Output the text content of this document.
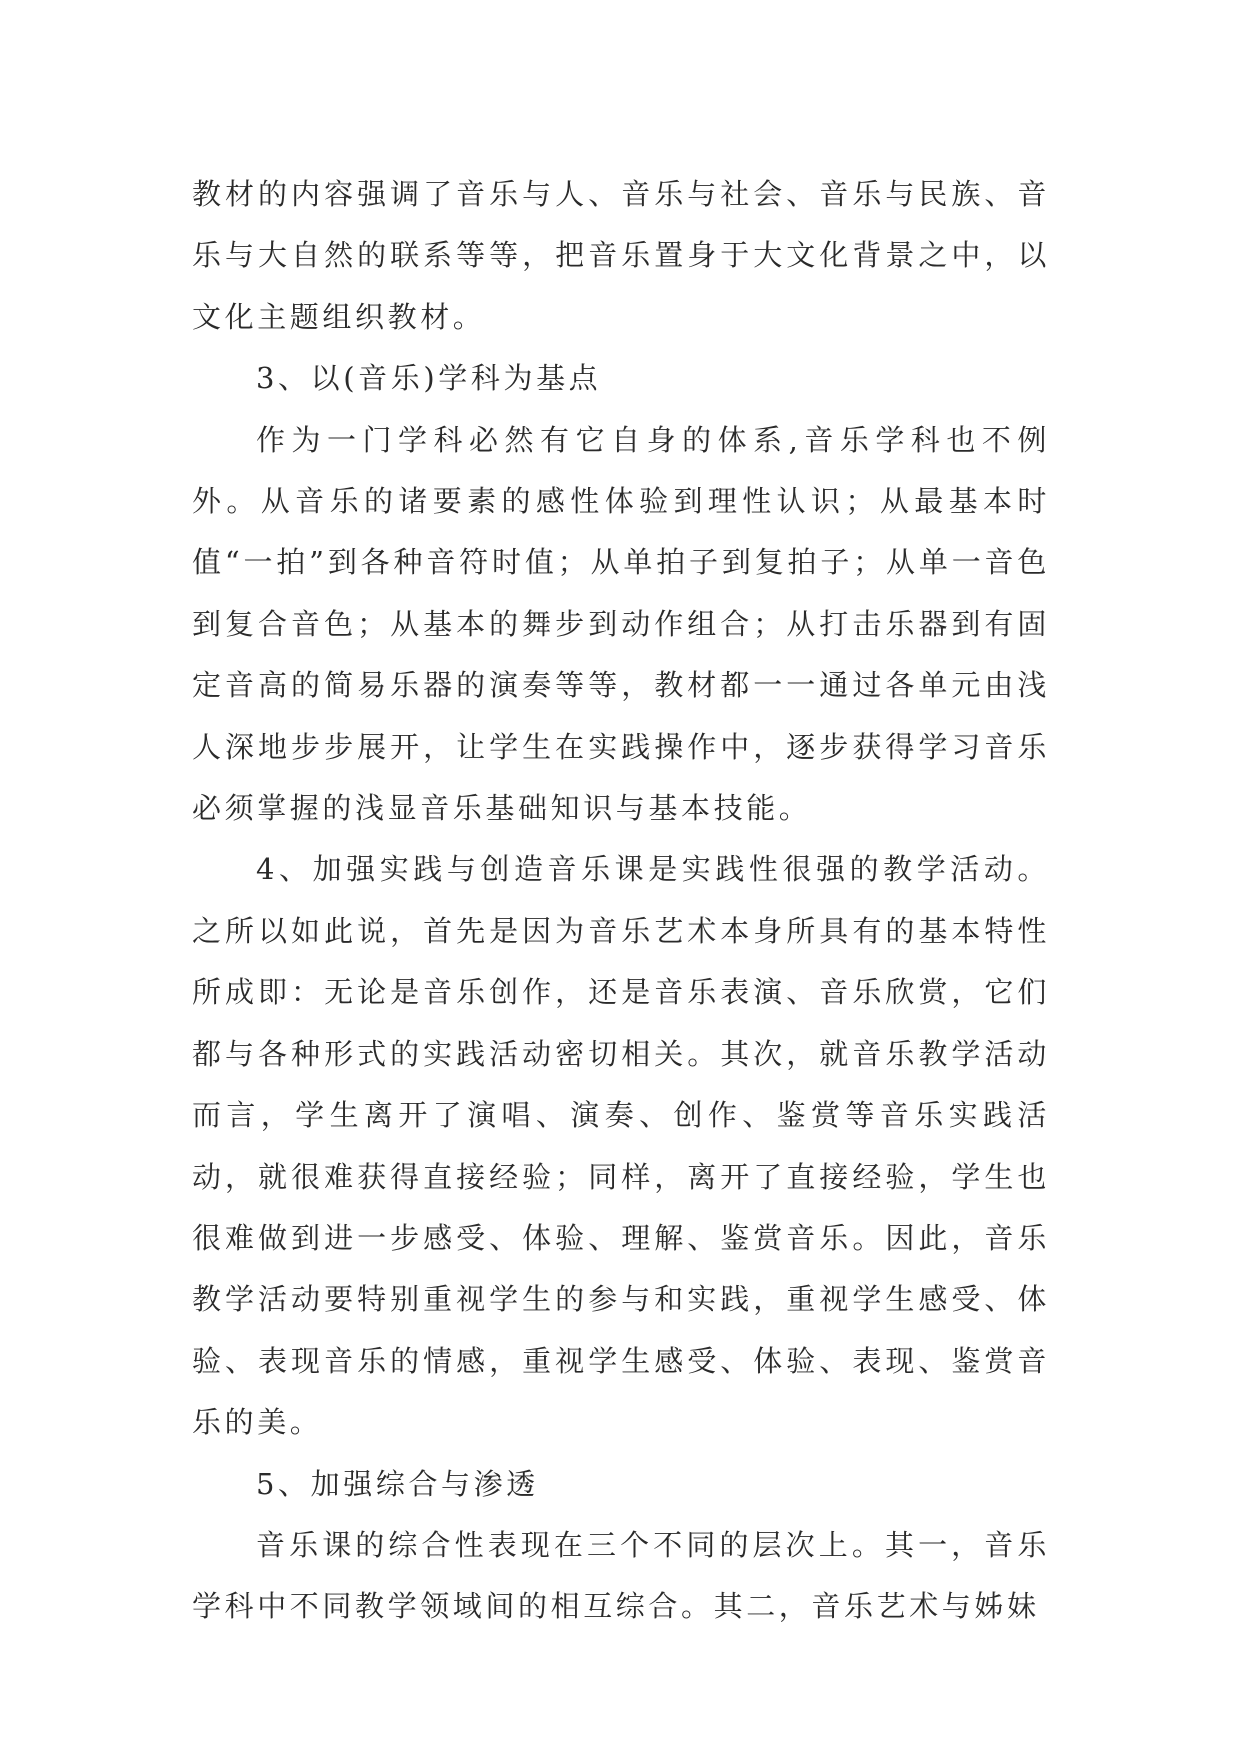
教材的内容强调了音乐与人、音乐与社会、音乐与民族、音乐与大自然的联系等等，把音乐置身于大文化背景之中，以文化主题组织教材。

3、以(音乐)学科为基点

作为一门学科必然有它自身的体系,音乐学科也不例外。从音乐的诸要素的感性体验到理性认识；从最基本时值“一拍”到各种音符时值；从单拍子到复拍子；从单一音色到复合音色；从基本的舞步到动作组合；从打击乐器到有固定音高的简易乐器的演奏等等，教材都一一通过各单元由浅人深地步步展开，让学生在实践操作中，逐步获得学习音乐必须掌握的浅显音乐基础知识与基本技能。

4、加强实践与创造音乐课是实践性很强的教学活动。之所以如此说，首先是因为音乐艺术本身所具有的基本特性所成即：无论是音乐创作，还是音乐表演、音乐欣赏，它们都与各种形式的实践活动密切相关。其次，就音乐教学活动而言，学生离开了演唱、演奏、创作、鉴赏等音乐实践活动，就很难获得直接经验；同样，离开了直接经验，学生也很难做到进一步感受、体验、理解、鉴赏音乐。因此，音乐教学活动要特别重视学生的参与和实践，重视学生感受、体验、表现音乐的情感，重视学生感受、体验、表现、鉴赏音乐的美。

5、加强综合与渗透

音乐课的综合性表现在三个不同的层次上。其一，音乐学科中不同教学领域间的相互综合。其二，音乐艺术与姊妹
